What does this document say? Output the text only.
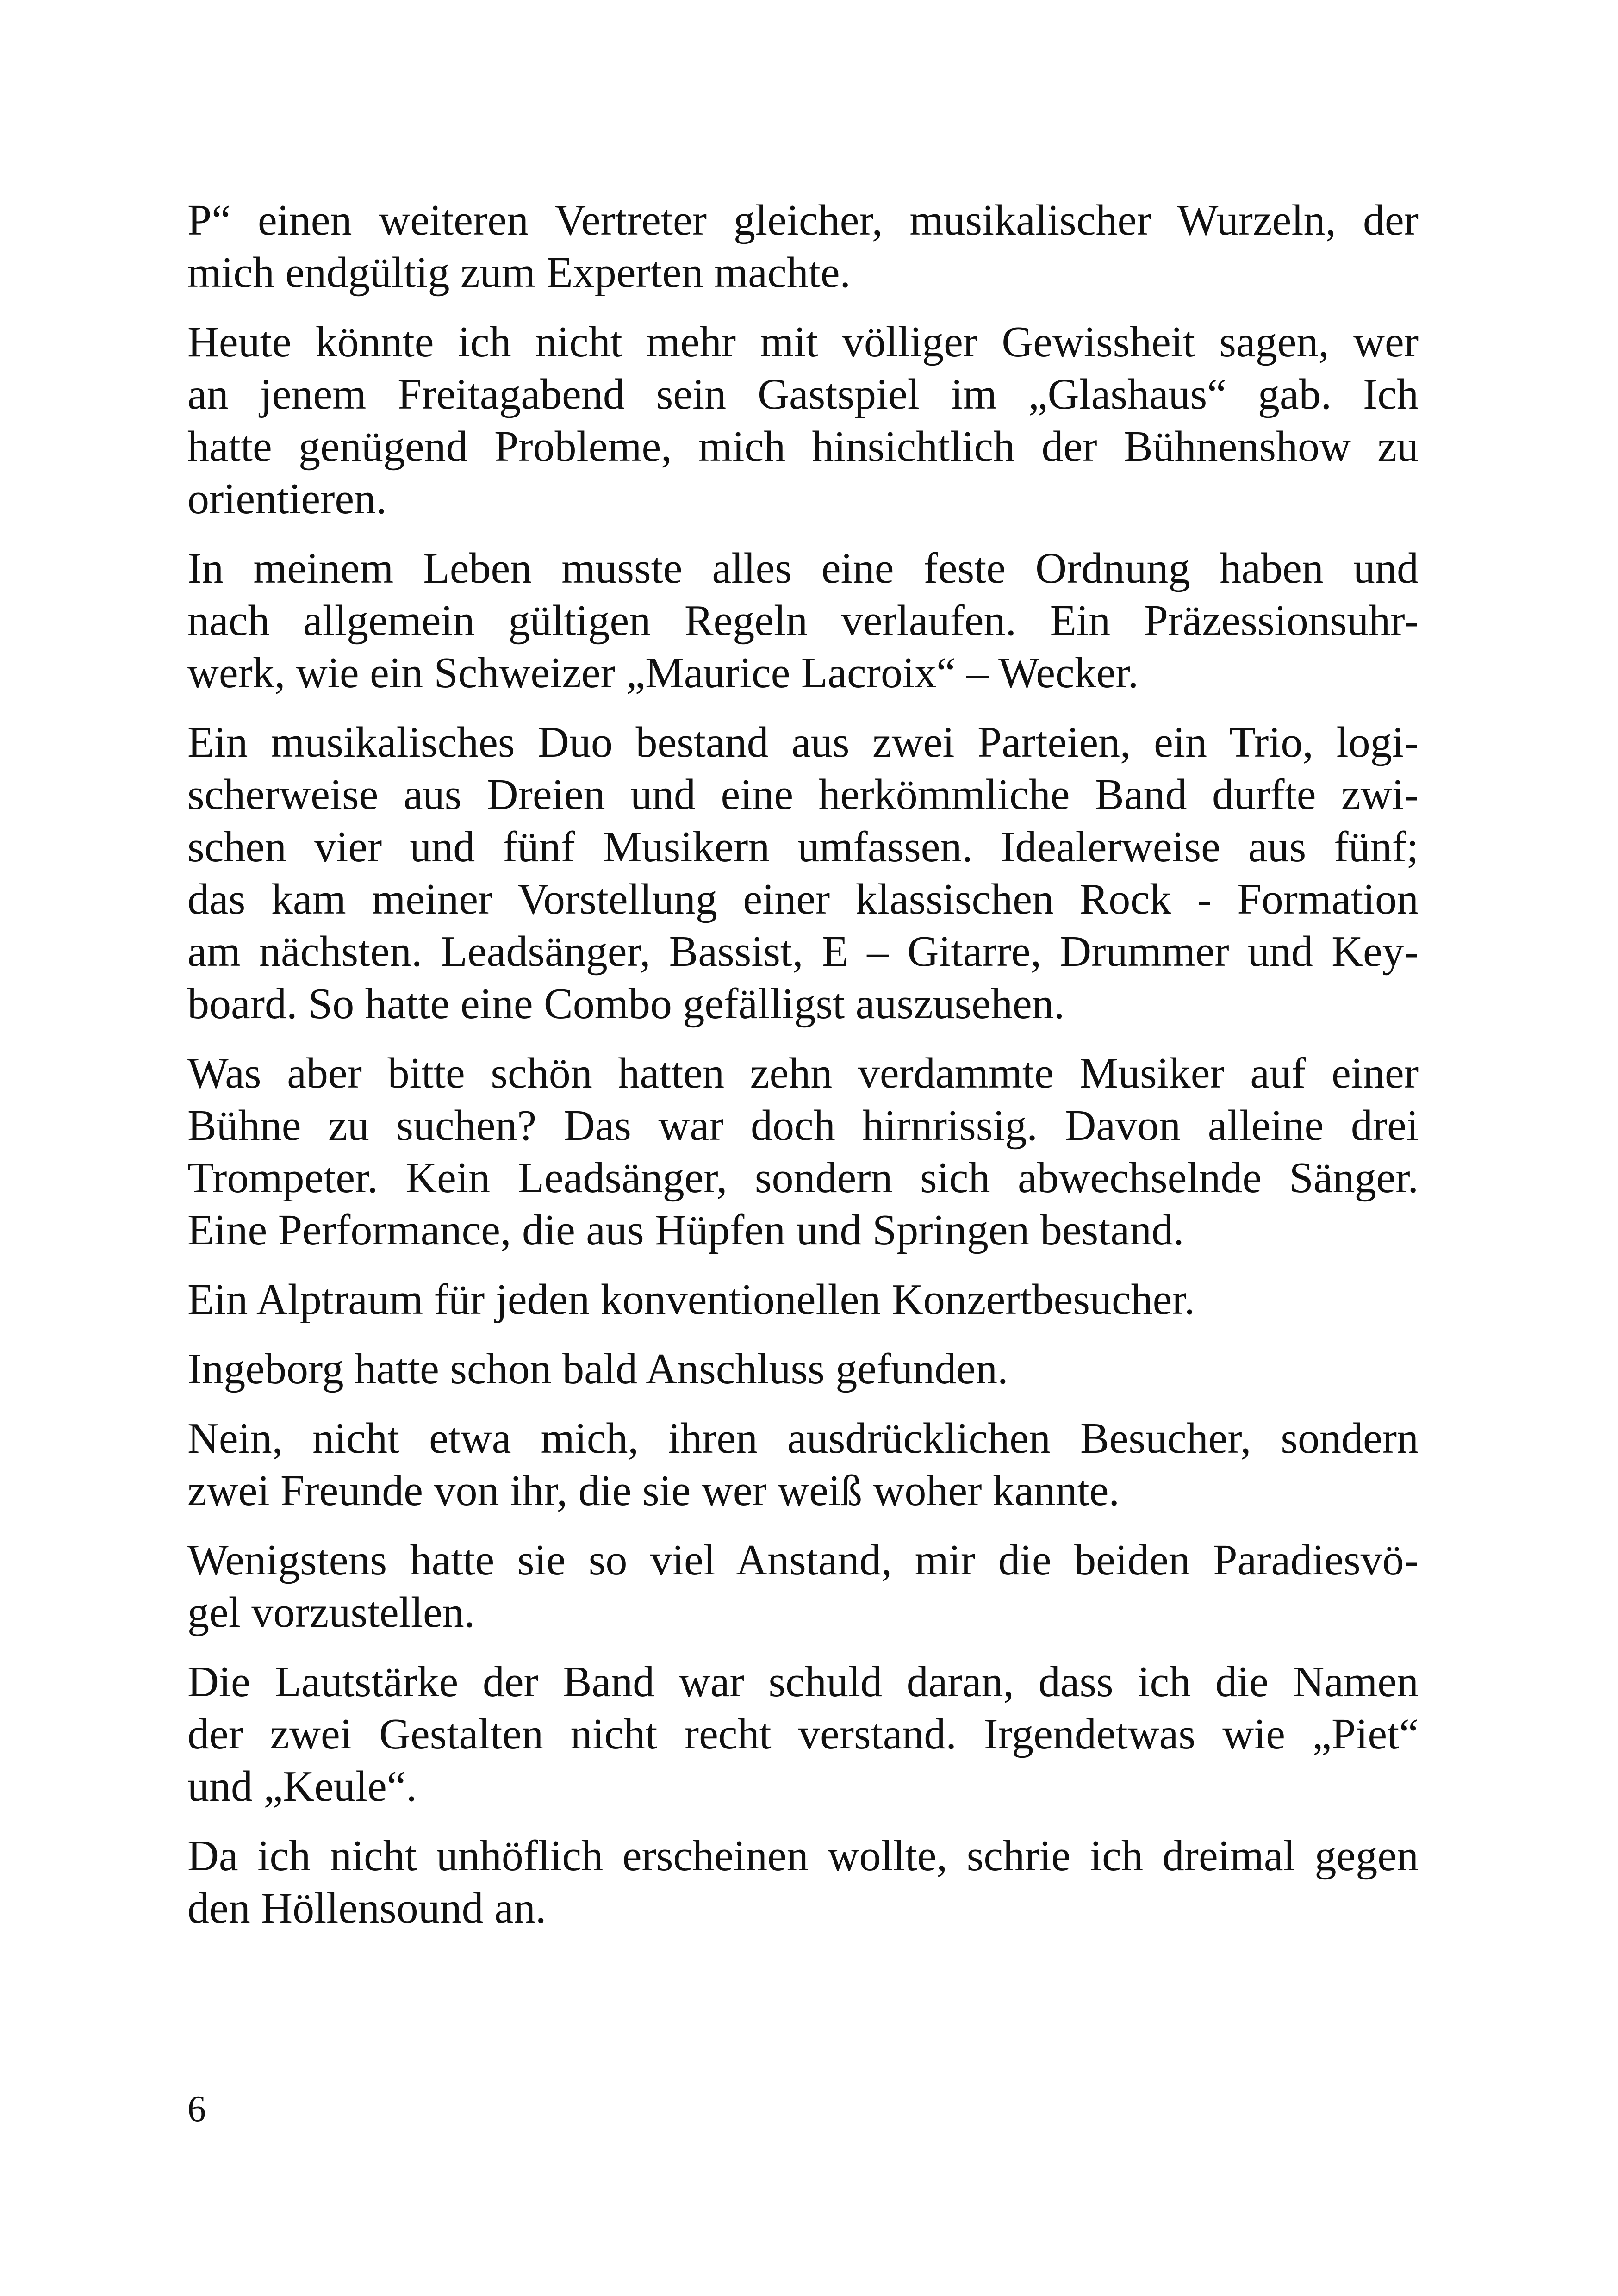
P“ einen weiteren Vertreter gleicher, musikalischer Wurzeln, der
mich endgültig zum Experten machte.

Heute könnte ich nicht mehr mit völliger Gewissheit sagen, wer
an jenem Freitagabend sein Gastspiel im „Glashaus“ gab. Ich
hatte genügend Probleme, mich hinsichtlich der Bühnenshow zu
orientieren.

In meinem Leben musste alles eine feste Ordnung haben und
nach allgemein gültigen Regeln verlaufen. Ein Präzessionsuhr-
werk, wie ein Schweizer „Maurice Lacroix“ – Wecker.

Ein musikalisches Duo bestand aus zwei Parteien, ein Trio, logi-
scherweise aus Dreien und eine herkömmliche Band durfte zwi-
schen vier und fünf Musikern umfassen. Idealerweise aus fünf;
das kam meiner Vorstellung einer klassischen Rock - Formation
am nächsten. Leadsänger, Bassist, E – Gitarre, Drummer und Key-
board. So hatte eine Combo gefälligst auszusehen.

Was aber bitte schön hatten zehn verdammte Musiker auf einer
Bühne zu suchen? Das war doch hirnrissig. Davon alleine drei
Trompeter. Kein Leadsänger, sondern sich abwechselnde Sänger.
Eine Performance, die aus Hüpfen und Springen bestand.

Ein Alptraum für jeden konventionellen Konzertbesucher.

Ingeborg hatte schon bald Anschluss gefunden.

Nein, nicht etwa mich, ihren ausdrücklichen Besucher, sondern
zwei Freunde von ihr, die sie wer weiß woher kannte.

Wenigstens hatte sie so viel Anstand, mir die beiden Paradiesvö-
gel vorzustellen.

Die Lautstärke der Band war schuld daran, dass ich die Namen
der zwei Gestalten nicht recht verstand. Irgendetwas wie „Piet“
und „Keule“.

Da ich nicht unhöflich erscheinen wollte, schrie ich dreimal gegen
den Höllensound an.

6
